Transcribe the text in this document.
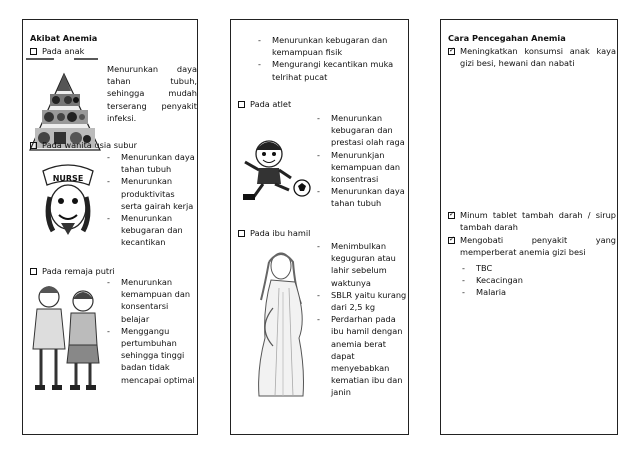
Akibat Anemia
Pada anak
Menurunkan daya tahan tubuh, sehingga mudah terserang penyakit infeksi.
Pada wanita usia subur
NURSE
- Menurunkan daya tahan tubuh
- Menurunkan produktivitas serta gairah kerja
- Menurunkan kebugaran dan kecantikan
Pada remaja putri
- Menurunkan kemampuan dan konsentarsi belajar
- Menggangu pertumbuhan sehingga tinggi badan tidak mencapai optimal
- Menurunkan kebugaran dan kemampuan fisik
- Mengurangi kecantikan muka telrihat pucat
Pada atlet
- Menurunkan kebugaran dan prestasi olah raga
- Menurunkjan kemampuan dan konsentrasi
- Menurunkan daya tahan tubuh
Pada ibu hamil
- Menimbulkan keguguran atau lahir sebelum waktunya
- SBLR yaitu kurang dari 2,5 kg
- Perdarhan pada ibu hamil dengan anemia berat dapat menyebabkan kematian ibu dan janin
Cara Pencegahan Anemia
✓
Meningkatkan konsumsi anak kaya gizi besi, hewani dan nabati
✓
Minum tablet tambah darah / sirup tambah darah
✓
Mengobati penyakit yang memperberat anemia gizi besi
- TBC
- Kecacingan
- Malaria
